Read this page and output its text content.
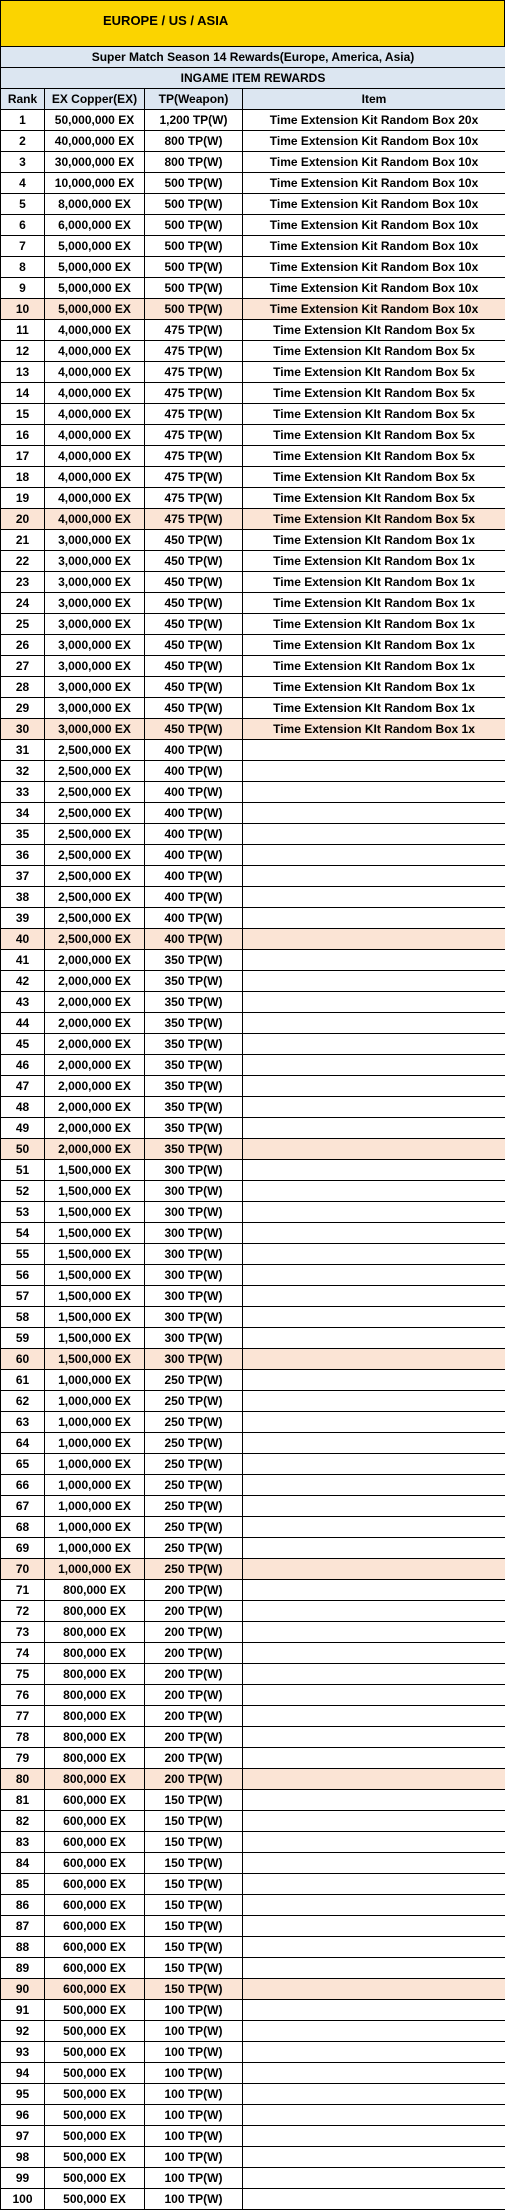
EUROPE / US / ASIA
Super Match Season 14 Rewards(Europe, America, Asia)			
INGAME ITEM REWARDS			
Rank	EX Copper(EX)	TP(Weapon)	Item
1	50,000,000 EX	1,200 TP(W)	Time Extension Kit Random Box 20x
2	40,000,000 EX	800 TP(W)	Time Extension Kit Random Box 10x
3	30,000,000 EX	800 TP(W)	Time Extension Kit Random Box 10x
4	10,000,000 EX	500 TP(W)	Time Extension Kit Random Box 10x
5	8,000,000 EX	500 TP(W)	Time Extension Kit Random Box 10x
6	6,000,000 EX	500 TP(W)	Time Extension Kit Random Box 10x
7	5,000,000 EX	500 TP(W)	Time Extension Kit Random Box 10x
8	5,000,000 EX	500 TP(W)	Time Extension Kit Random Box 10x
9	5,000,000 EX	500 TP(W)	Time Extension Kit Random Box 10x
10	5,000,000 EX	500 TP(W)	Time Extension Kit Random Box 10x
11	4,000,000 EX	475 TP(W)	Time Extension KIt Random Box 5x
12	4,000,000 EX	475 TP(W)	Time Extension KIt Random Box 5x
13	4,000,000 EX	475 TP(W)	Time Extension KIt Random Box 5x
14	4,000,000 EX	475 TP(W)	Time Extension KIt Random Box 5x
15	4,000,000 EX	475 TP(W)	Time Extension KIt Random Box 5x
16	4,000,000 EX	475 TP(W)	Time Extension KIt Random Box 5x
17	4,000,000 EX	475 TP(W)	Time Extension KIt Random Box 5x
18	4,000,000 EX	475 TP(W)	Time Extension KIt Random Box 5x
19	4,000,000 EX	475 TP(W)	Time Extension KIt Random Box 5x
20	4,000,000 EX	475 TP(W)	Time Extension KIt Random Box 5x
21	3,000,000 EX	450 TP(W)	Time Extension KIt Random Box 1x
22	3,000,000 EX	450 TP(W)	Time Extension KIt Random Box 1x
23	3,000,000 EX	450 TP(W)	Time Extension KIt Random Box 1x
24	3,000,000 EX	450 TP(W)	Time Extension KIt Random Box 1x
25	3,000,000 EX	450 TP(W)	Time Extension KIt Random Box 1x
26	3,000,000 EX	450 TP(W)	Time Extension KIt Random Box 1x
27	3,000,000 EX	450 TP(W)	Time Extension KIt Random Box 1x
28	3,000,000 EX	450 TP(W)	Time Extension KIt Random Box 1x
29	3,000,000 EX	450 TP(W)	Time Extension KIt Random Box 1x
30	3,000,000 EX	450 TP(W)	Time Extension KIt Random Box 1x
31	2,500,000 EX	400 TP(W)	
32	2,500,000 EX	400 TP(W)	
33	2,500,000 EX	400 TP(W)	
34	2,500,000 EX	400 TP(W)	
35	2,500,000 EX	400 TP(W)	
36	2,500,000 EX	400 TP(W)	
37	2,500,000 EX	400 TP(W)	
38	2,500,000 EX	400 TP(W)	
39	2,500,000 EX	400 TP(W)	
40	2,500,000 EX	400 TP(W)	
41	2,000,000 EX	350 TP(W)	
42	2,000,000 EX	350 TP(W)	
43	2,000,000 EX	350 TP(W)	
44	2,000,000 EX	350 TP(W)	
45	2,000,000 EX	350 TP(W)	
46	2,000,000 EX	350 TP(W)	
47	2,000,000 EX	350 TP(W)	
48	2,000,000 EX	350 TP(W)	
49	2,000,000 EX	350 TP(W)	
50	2,000,000 EX	350 TP(W)	
51	1,500,000 EX	300 TP(W)	
52	1,500,000 EX	300 TP(W)	
53	1,500,000 EX	300 TP(W)	
54	1,500,000 EX	300 TP(W)	
55	1,500,000 EX	300 TP(W)	
56	1,500,000 EX	300 TP(W)	
57	1,500,000 EX	300 TP(W)	
58	1,500,000 EX	300 TP(W)	
59	1,500,000 EX	300 TP(W)	
60	1,500,000 EX	300 TP(W)	
61	1,000,000 EX	250 TP(W)	
62	1,000,000 EX	250 TP(W)	
63	1,000,000 EX	250 TP(W)	
64	1,000,000 EX	250 TP(W)	
65	1,000,000 EX	250 TP(W)	
66	1,000,000 EX	250 TP(W)	
67	1,000,000 EX	250 TP(W)	
68	1,000,000 EX	250 TP(W)	
69	1,000,000 EX	250 TP(W)	
70	1,000,000 EX	250 TP(W)	
71	800,000 EX	200 TP(W)	
72	800,000 EX	200 TP(W)	
73	800,000 EX	200 TP(W)	
74	800,000 EX	200 TP(W)	
75	800,000 EX	200 TP(W)	
76	800,000 EX	200 TP(W)	
77	800,000 EX	200 TP(W)	
78	800,000 EX	200 TP(W)	
79	800,000 EX	200 TP(W)	
80	800,000 EX	200 TP(W)	
81	600,000 EX	150 TP(W)	
82	600,000 EX	150 TP(W)	
83	600,000 EX	150 TP(W)	
84	600,000 EX	150 TP(W)	
85	600,000 EX	150 TP(W)	
86	600,000 EX	150 TP(W)	
87	600,000 EX	150 TP(W)	
88	600,000 EX	150 TP(W)	
89	600,000 EX	150 TP(W)	
90	600,000 EX	150 TP(W)	
91	500,000 EX	100 TP(W)	
92	500,000 EX	100 TP(W)	
93	500,000 EX	100 TP(W)	
94	500,000 EX	100 TP(W)	
95	500,000 EX	100 TP(W)	
96	500,000 EX	100 TP(W)	
97	500,000 EX	100 TP(W)	
98	500,000 EX	100 TP(W)	
99	500,000 EX	100 TP(W)	
100	500,000 EX	100 TP(W)	
